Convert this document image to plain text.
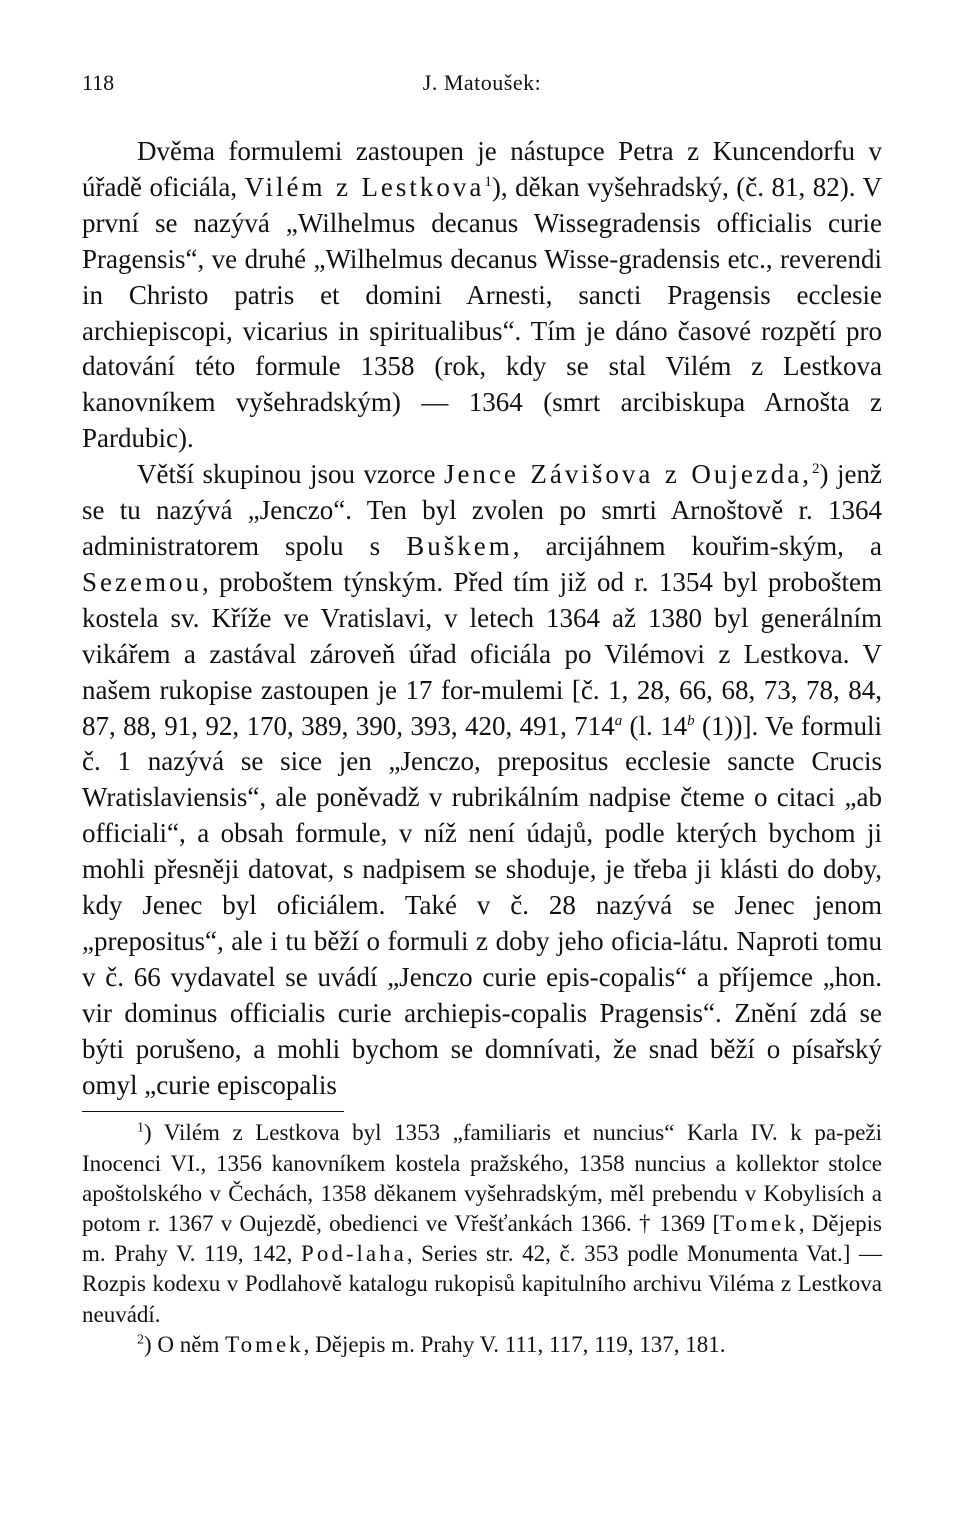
118	J. Matoušek:

Dvěma formulemi zastoupen je nástupce Petra z Kuncendorfu v úřadě oficiála, Vilém z Lestkova$^1$), děkan vyšehradský, (č. 81, 82). V první se nazývá „Wilhelmus decanus Wissegradensis officialis curie Pragensis“, ve druhé „Wilhelmus decanus Wisse-gradensis etc., reverendi in Christo patris et domini Arnesti, sancti Pragensis ecclesie archiepiscopi, vicarius in spiritualibus“. Tím je dáno časové rozpětí pro datování této formule 1358 (rok, kdy se stal Vilém z Lestkova kanovníkem vyšehradským) — 1364 (smrt arcibiskupa Arnošta z Pardubic).

Větší skupinou jsou vzorce Jence Závišova z Oujezda,$^2$) jenž se tu nazývá „Jenczo“. Ten byl zvolen po smrti Arnoštově r. 1364 administratorem spolu s Buškem, arcijáhnem kouřim-ským, a Sezemou, proboštem týnským. Před tím již od r. 1354 byl proboštem kostela sv. Kříže ve Vratislavi, v letech 1364 až 1380 byl generálním vikářem a zastával zároveň úřad oficiála po Vilémovi z Lestkova. V našem rukopise zastoupen je 17 for-mulemi [č. 1, 28, 66, 68, 73, 78, 84, 87, 88, 91, 92, 170, 389, 390, 393, 420, 491, 714$^a$ (l. 14$^b$ (1))]. Ve formuli č. 1 nazývá se sice jen „Jenczo, prepositus ecclesie sancte Crucis Wratislaviensis“, ale poněvadž v rubrikálním nadpise čteme o citaci „ab officiali“, a obsah formule, v níž není údajů, podle kterých bychom ji mohli přesněji datovat, s nadpisem se shoduje, je třeba ji klásti do doby, kdy Jenec byl oficiálem. Také v č. 28 nazývá se Jenec jenom „prepositus“, ale i tu běží o formuli z doby jeho oficia-látu. Naproti tomu v č. 66 vydavatel se uvádí „Jenczo curie epis-copalis“ a příjemce „hon. vir dominus officialis curie archiepis-copalis Pragensis“. Znění zdá se býti porušeno, a mohli bychom se domnívati, že snad běží o písařský omyl „curie episcopalis

$^1$) Vilém z Lestkova byl 1353 „familiaris et nuncius“ Karla IV. k pa-peži Inocenci VI., 1356 kanovníkem kostela pražského, 1358 nuncius a kollektor stolce apoštolského v Čechách, 1358 děkanem vyšehradským, měl prebendu v Kobylisích a potom r. 1367 v Oujezdě, obedienci ve Vřešťankách 1366. † 1369 [Tomek, Dějepis m. Prahy V. 119, 142, Pod-laha, Series str. 42, č. 353 podle Monumenta Vat.] — Rozpis kodexu v Podlahově katalogu rukopisů kapitulního archivu Viléma z Lestkova neuvádí.

$^2$) O něm Tomek, Dějepis m. Prahy V. 111, 117, 119, 137, 181.
